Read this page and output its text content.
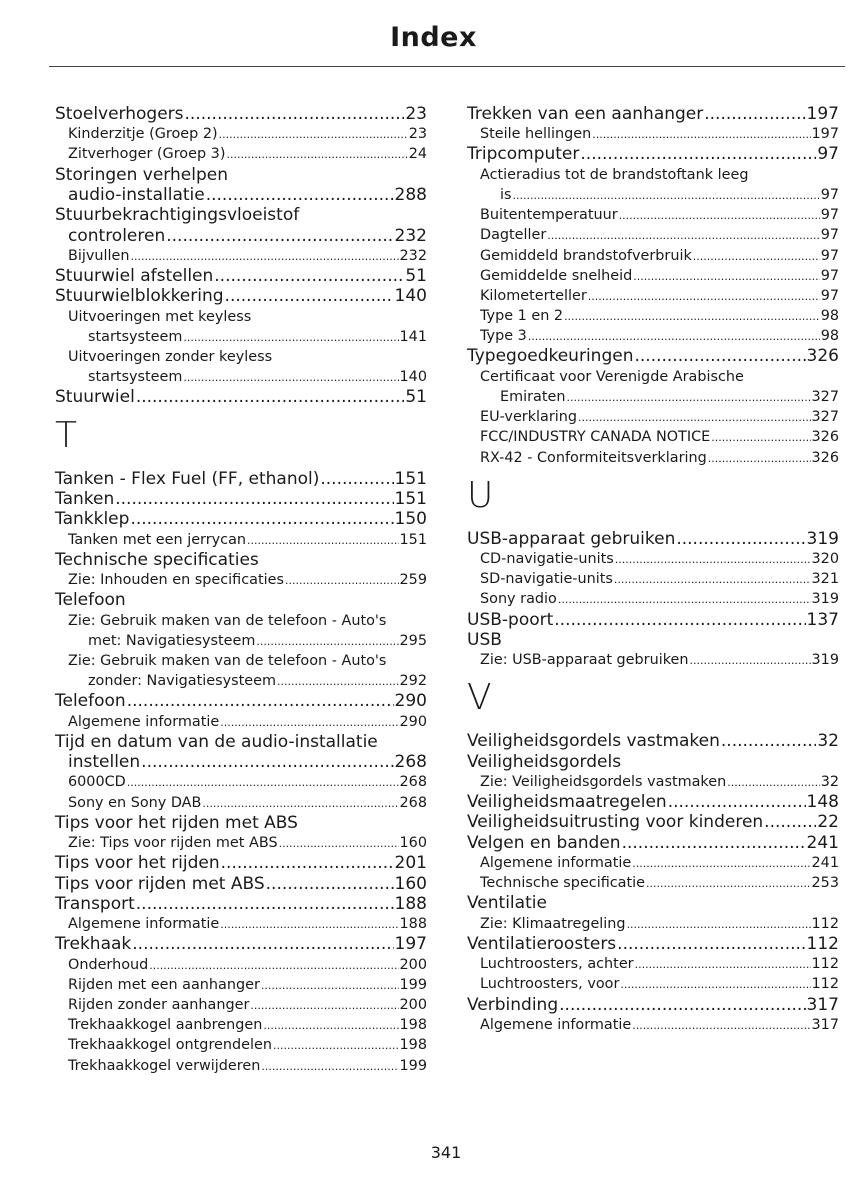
Index
Stoelverhogers .....	23
Kinderzitje (Groep 2) .....	23
Zitverhoger (Groep 3) .....	24
Storingen verhelpen
audio-installatie .....	288
Stuurbekrachtigingsvloeistof
controleren .....	232
Bijvullen .....	232
Stuurwiel afstellen .....	51
Stuurwielblokkering .....	140
Uitvoeringen met keyless
startsysteem .....	141
Uitvoeringen zonder keyless
startsysteem .....	140
Stuurwiel .....	51
T
Tanken - Flex Fuel (FF, ethanol) .....	151
Tanken .....	151
Tankklep .....	150
Tanken met een jerrycan .....	151
Technische specificaties
Zie: Inhouden en specificaties .....	259
Telefoon
Zie: Gebruik maken van de telefoon - Auto's
met: Navigatiesysteem .....	295
Zie: Gebruik maken van de telefoon - Auto's
zonder: Navigatiesysteem .....	292
Telefoon .....	290
Algemene informatie .....	290
Tijd en datum van de audio-installatie
instellen .....	268
6000CD .....	268
Sony en Sony DAB .....	268
Tips voor het rijden met ABS
Zie: Tips voor rijden met ABS .....	160
Tips voor het rijden .....	201
Tips voor rijden met ABS .....	160
Transport .....	188
Algemene informatie .....	188
Trekhaak .....	197
Onderhoud .....	200
Rijden met een aanhanger .....	199
Rijden zonder aanhanger .....	200
Trekhaakkogel aanbrengen .....	198
Trekhaakkogel ontgrendelen .....	198
Trekhaakkogel verwijderen .....	199
Trekken van een aanhanger .....	197
Steile hellingen .....	197
Tripcomputer .....	97
Actieradius tot de brandstoftank leeg
is .....	97
Buitentemperatuur .....	97
Dagteller .....	97
Gemiddeld brandstofverbruik .....	97
Gemiddelde snelheid .....	97
Kilometerteller .....	97
Type 1 en 2 .....	98
Type 3 .....	98
Typegoedkeuringen .....	326
Certificaat voor Verenigde Arabische
Emiraten .....	327
EU-verklaring .....	327
FCC/INDUSTRY CANADA NOTICE .....	326
RX-42 - Conformiteitsverklaring .....	326
U
USB-apparaat gebruiken .....	319
CD-navigatie-units .....	320
SD-navigatie-units .....	321
Sony radio .....	319
USB-poort .....	137
USB
Zie: USB-apparaat gebruiken .....	319
V
Veiligheidsgordels vastmaken .....	32
Veiligheidsgordels
Zie: Veiligheidsgordels vastmaken .....	32
Veiligheidsmaatregelen .....	148
Veiligheidsuitrusting voor kinderen .....	22
Velgen en banden .....	241
Algemene informatie .....	241
Technische specificatie .....	253
Ventilatie
Zie: Klimaatregeling .....	112
Ventilatieroosters .....	112
Luchtroosters, achter .....	112
Luchtroosters, voor .....	112
Verbinding .....	317
Algemene informatie .....	317
341
